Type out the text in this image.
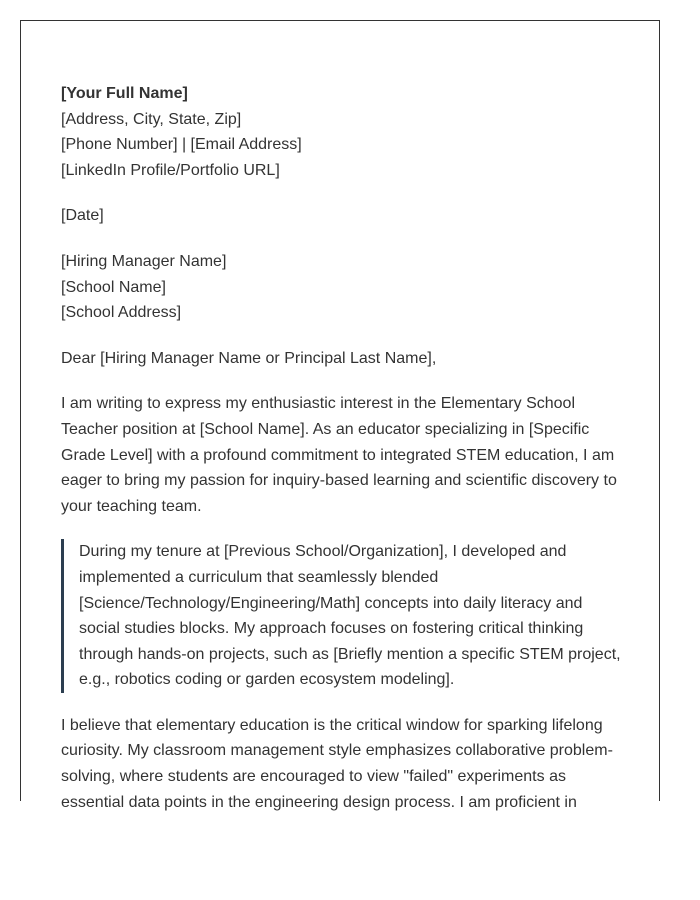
[Your Full Name]
[Address, City, State, Zip]
[Phone Number] | [Email Address]
[LinkedIn Profile/Portfolio URL]
[Date]
[Hiring Manager Name]
[School Name]
[School Address]
Dear [Hiring Manager Name or Principal Last Name],
I am writing to express my enthusiastic interest in the Elementary School
Teacher position at [School Name]. As an educator specializing in [Specific
Grade Level] with a profound commitment to integrated STEM education, I am
eager to bring my passion for inquiry-based learning and scientific discovery to
your teaching team.
During my tenure at [Previous School/Organization], I developed and
implemented a curriculum that seamlessly blended
[Science/Technology/Engineering/Math] concepts into daily literacy and
social studies blocks. My approach focuses on fostering critical thinking
through hands-on projects, such as [Briefly mention a specific STEM project,
e.g., robotics coding or garden ecosystem modeling].
I believe that elementary education is the critical window for sparking lifelong
curiosity. My classroom management style emphasizes collaborative problem-
solving, where students are encouraged to view "failed" experiments as
essential data points in the engineering design process. I am proficient in
